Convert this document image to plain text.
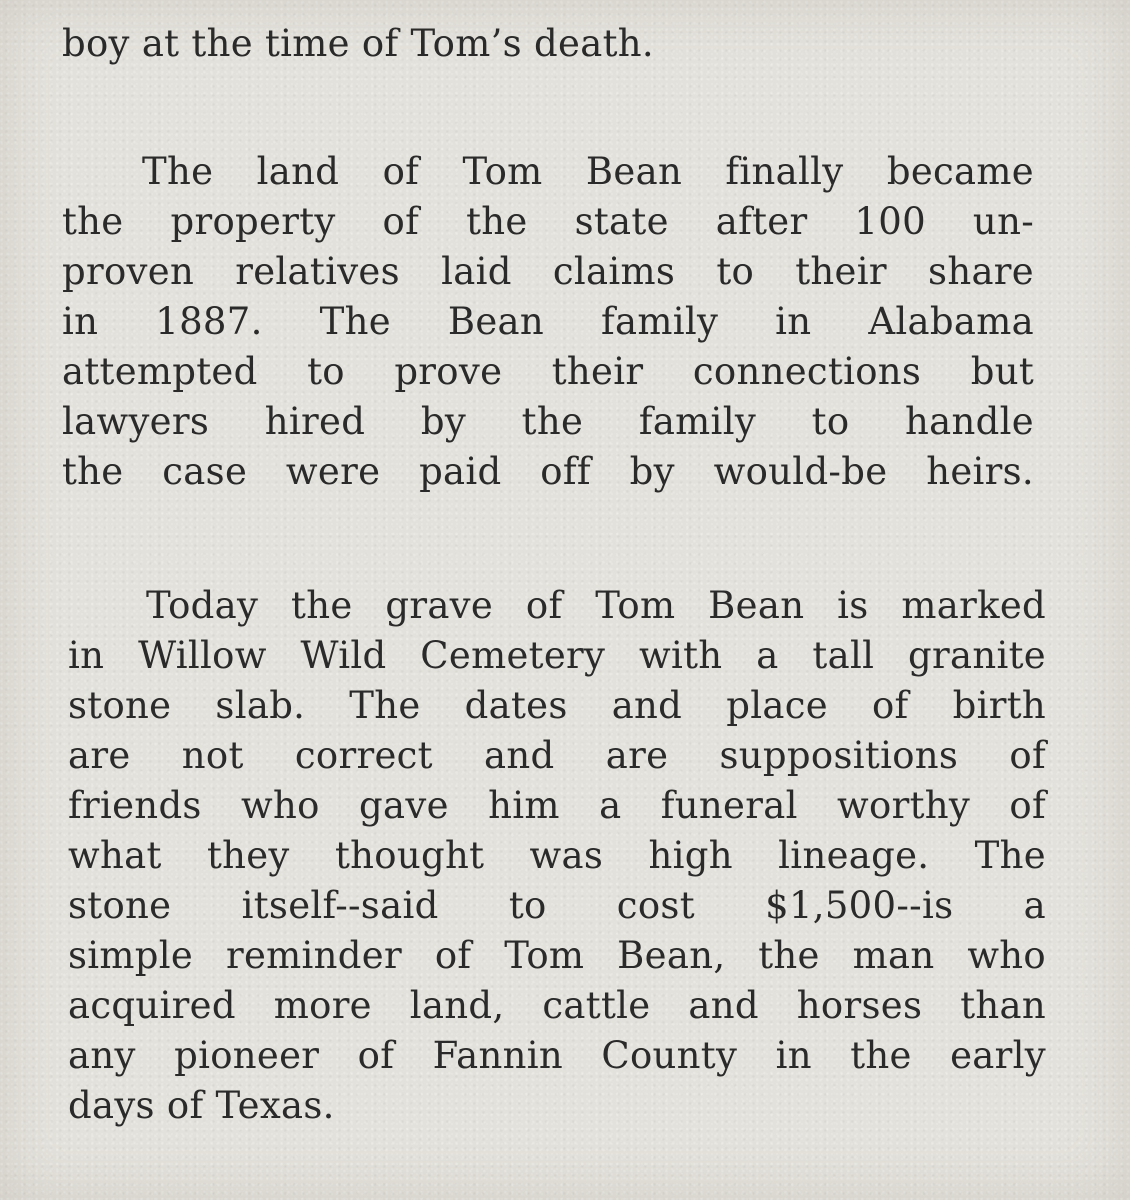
boy at the time of Tom’s death.

The land of Tom Bean finally became

the property of the state after 100 un-

proven relatives laid claims to their share

in 1887. The Bean family in Alabama

attempted to prove their connections but

lawyers hired by the family to handle

the case were paid off by would-be heirs.

Today the grave of Tom Bean is marked

in Willow Wild Cemetery with a tall granite

stone slab. The dates and place of birth

are not correct and are suppositions of

friends who gave him a funeral worthy of

what they thought was high lineage. The

stone itself--said to cost $1,500--is a

simple reminder of Tom Bean, the man who

acquired more land, cattle and horses than

any pioneer of Fannin County in the early

days of Texas.
